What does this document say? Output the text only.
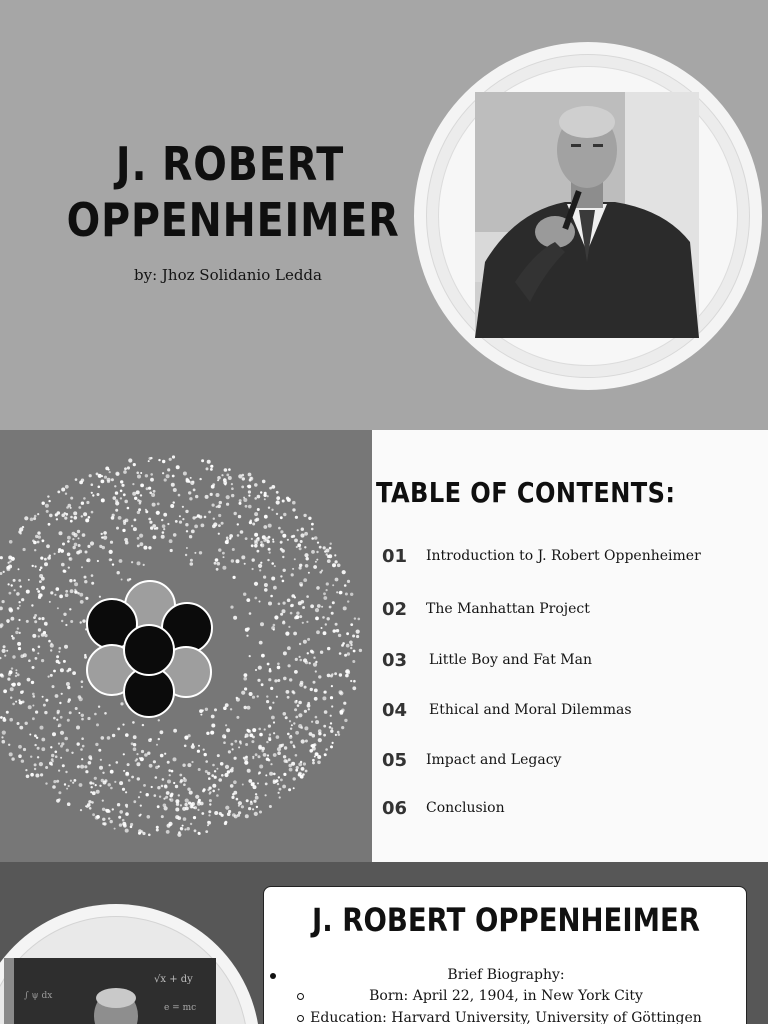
J. ROBERT
OPPENHEIMER
by: Jhoz Solidanio Ledda
TABLE OF CONTENTS:
01 Introduction to J. Robert Oppenheimer
02 The Manhattan Project
03 Little Boy and Fat Man
04 Ethical and Moral Dilemmas
05 Impact and Legacy
06 Conclusion
√x + dy
∫ ψ dx
e = mc
J. ROBERT OPPENHEIMER
Brief Biography:
Born: April 22, 1904, in New York City
Education: Harvard University, University of Göttingen
